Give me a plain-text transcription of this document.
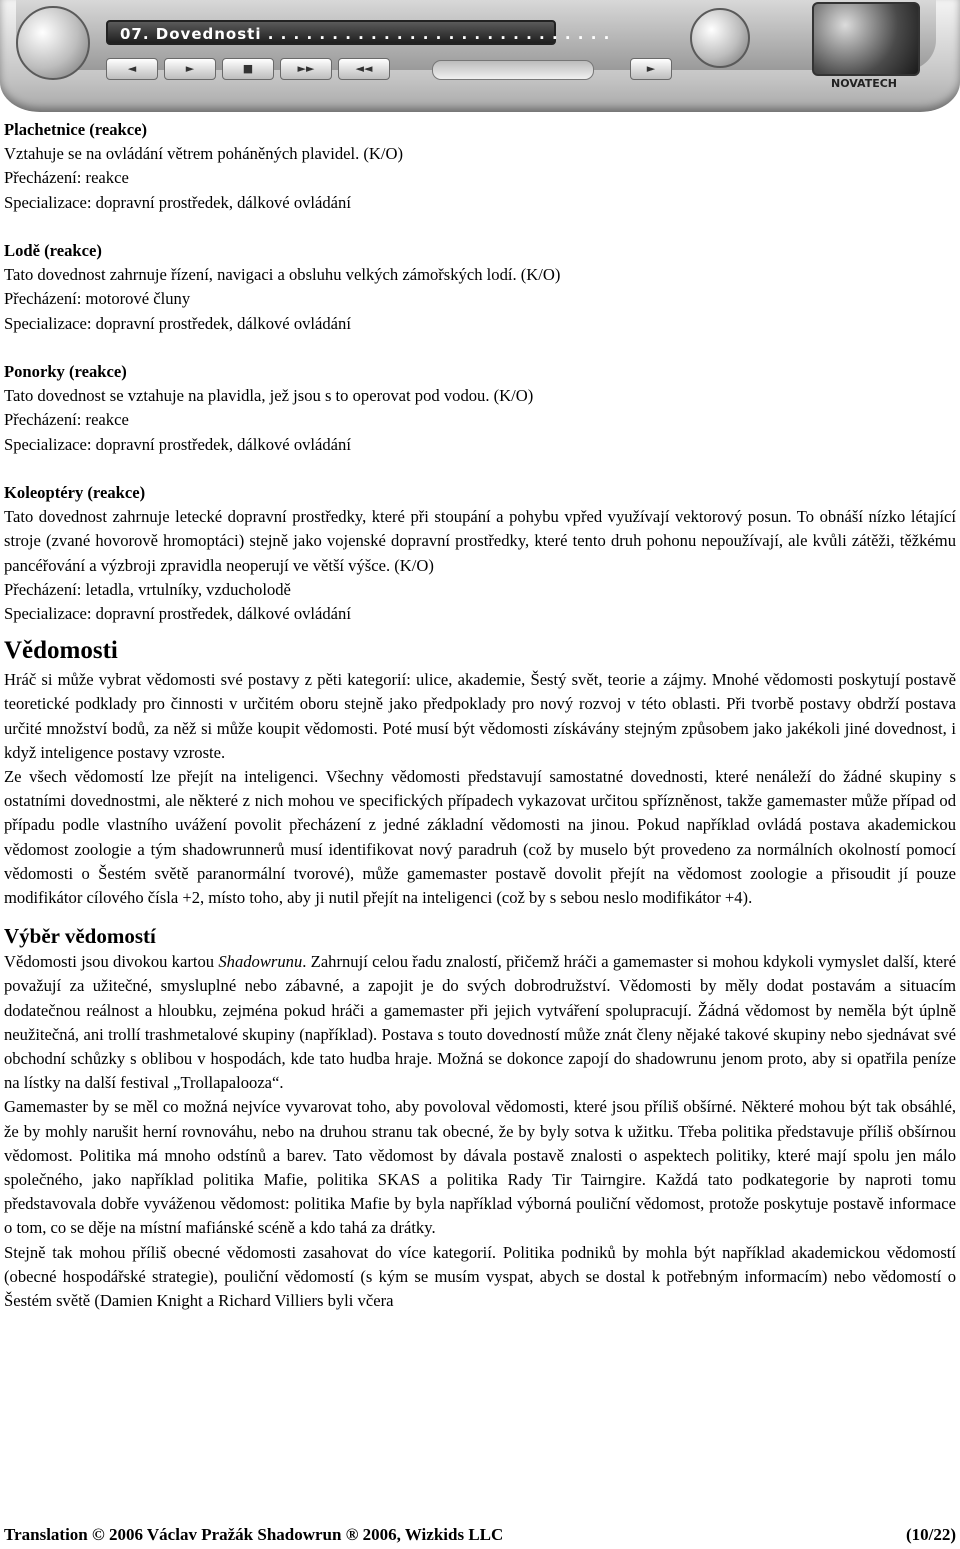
07. Dovednosti . . . . . . . . . . . . . . . . . . . . . . . . . . .
◄	►	■	►►	◄◄	►
NOVATECH

Plachetnice (reakce)

Vztahuje se na ovládání větrem poháněných plavidel. (K/O)

Přecházení: reakce

Specializace: dopravní prostředek, dálkové ovládání

Lodě (reakce)

Tato dovednost zahrnuje řízení, navigaci a obsluhu velkých zámořských lodí. (K/O)

Přecházení: motorové čluny

Specializace: dopravní prostředek, dálkové ovládání

Ponorky (reakce)

Tato dovednost se vztahuje na plavidla, jež jsou s to operovat pod vodou. (K/O)

Přecházení: reakce

Specializace: dopravní prostředek, dálkové ovládání

Koleoptéry (reakce)

Tato dovednost zahrnuje letecké dopravní prostředky, které při stoupání a pohybu vpřed využívají vektorový posun. To obnáší nízko létající stroje (zvané hovorově hromoptáci) stejně jako vojenské dopravní prostředky, které tento druh pohonu nepoužívají, ale kvůli zátěži, těžkému pancéřování a výzbroji zpravidla neoperují ve větší výšce. (K/O)

Přecházení: letadla, vrtulníky, vzducholodě

Specializace: dopravní prostředek, dálkové ovládání

Vědomosti

Hráč si může vybrat vědomosti své postavy z pěti kategorií: ulice, akademie, Šestý svět, teorie a zájmy. Mnohé vědomosti poskytují postavě teoretické podklady pro činnosti v určitém oboru stejně jako předpoklady pro nový rozvoj v této oblasti. Při tvorbě postavy obdrží postava určité množství bodů, za něž si může koupit vědomosti. Poté musí být vědomosti získávány stejným způsobem jako jakékoli jiné dovednost, i když inteligence postavy vzroste.

Ze všech vědomostí lze přejít na inteligenci. Všechny vědomosti představují samostatné dovednosti, které nenáleží do žádné skupiny s ostatními dovednostmi, ale některé z nich mohou ve specifických případech vykazovat určitou spřízněnost, takže gamemaster může případ od případu podle vlastního uvážení povolit přecházení z jedné základní vědomosti na jinou. Pokud například ovládá postava akademickou vědomost zoologie a tým shadowrunnerů musí identifikovat nový paradruh (což by muselo být provedeno za normálních okolností pomocí vědomosti o Šestém světě paranormální tvorové), může gamemaster postavě dovolit přejít na vědomost zoologie a přisoudit jí pouze modifikátor cílového čísla +2, místo toho, aby ji nutil přejít na inteligenci (což by s sebou neslo modifikátor +4).

Výběr vědomostí

Vědomosti jsou divokou kartou Shadowrunu. Zahrnují celou řadu znalostí, přičemž hráči a gamemaster si mohou kdykoli vymyslet další, které považují za užitečné, smysluplné nebo zábavné, a zapojit je do svých dobrodružství. Vědomosti by měly dodat postavám a situacím dodatečnou reálnost a hloubku, zejména pokud hráči a gamemaster při jejich vytváření spolupracují. Žádná vědomost by neměla být úplně neužitečná, ani trollí trashmetalové skupiny (například). Postava s touto dovedností může znát členy nějaké takové skupiny nebo sjednávat své obchodní schůzky s oblibou v hospodách, kde tato hudba hraje. Možná se dokonce zapojí do shadowrunu jenom proto, aby si opatřila peníze na lístky na další festival „Trollapalooza“.

Gamemaster by se měl co možná nejvíce vyvarovat toho, aby povoloval vědomosti, které jsou příliš obšírné. Některé mohou být tak obsáhlé, že by mohly narušit herní rovnováhu, nebo na druhou stranu tak obecné, že by byly sotva k užitku. Třeba politika představuje příliš obšírnou vědomost. Politika má mnoho odstínů a barev. Tato vědomost by dávala postavě znalosti o aspektech politiky, které mají spolu jen málo společného, jako například politika Mafie, politika SKAS a politika Rady Tir Tairngire. Každá tato podkategorie by naproti tomu představovala dobře vyváženou vědomost: politika Mafie by byla například výborná pouliční vědomost, protože poskytuje postavě informace o tom, co se děje na místní mafiánské scéně a kdo tahá za drátky.

Stejně tak mohou příliš obecné vědomosti zasahovat do více kategorií. Politika podniků by mohla být například akademickou vědomostí (obecné hospodářské strategie), pouliční vědomostí (s kým se musím vyspat, abych se dostal k potřebným informacím) nebo vědomostí o Šestém světě (Damien Knight a Richard Villiers byli včera

Translation © 2006 Václav Pražák Shadowrun ® 2006, Wizkids LLC	(10/22)
